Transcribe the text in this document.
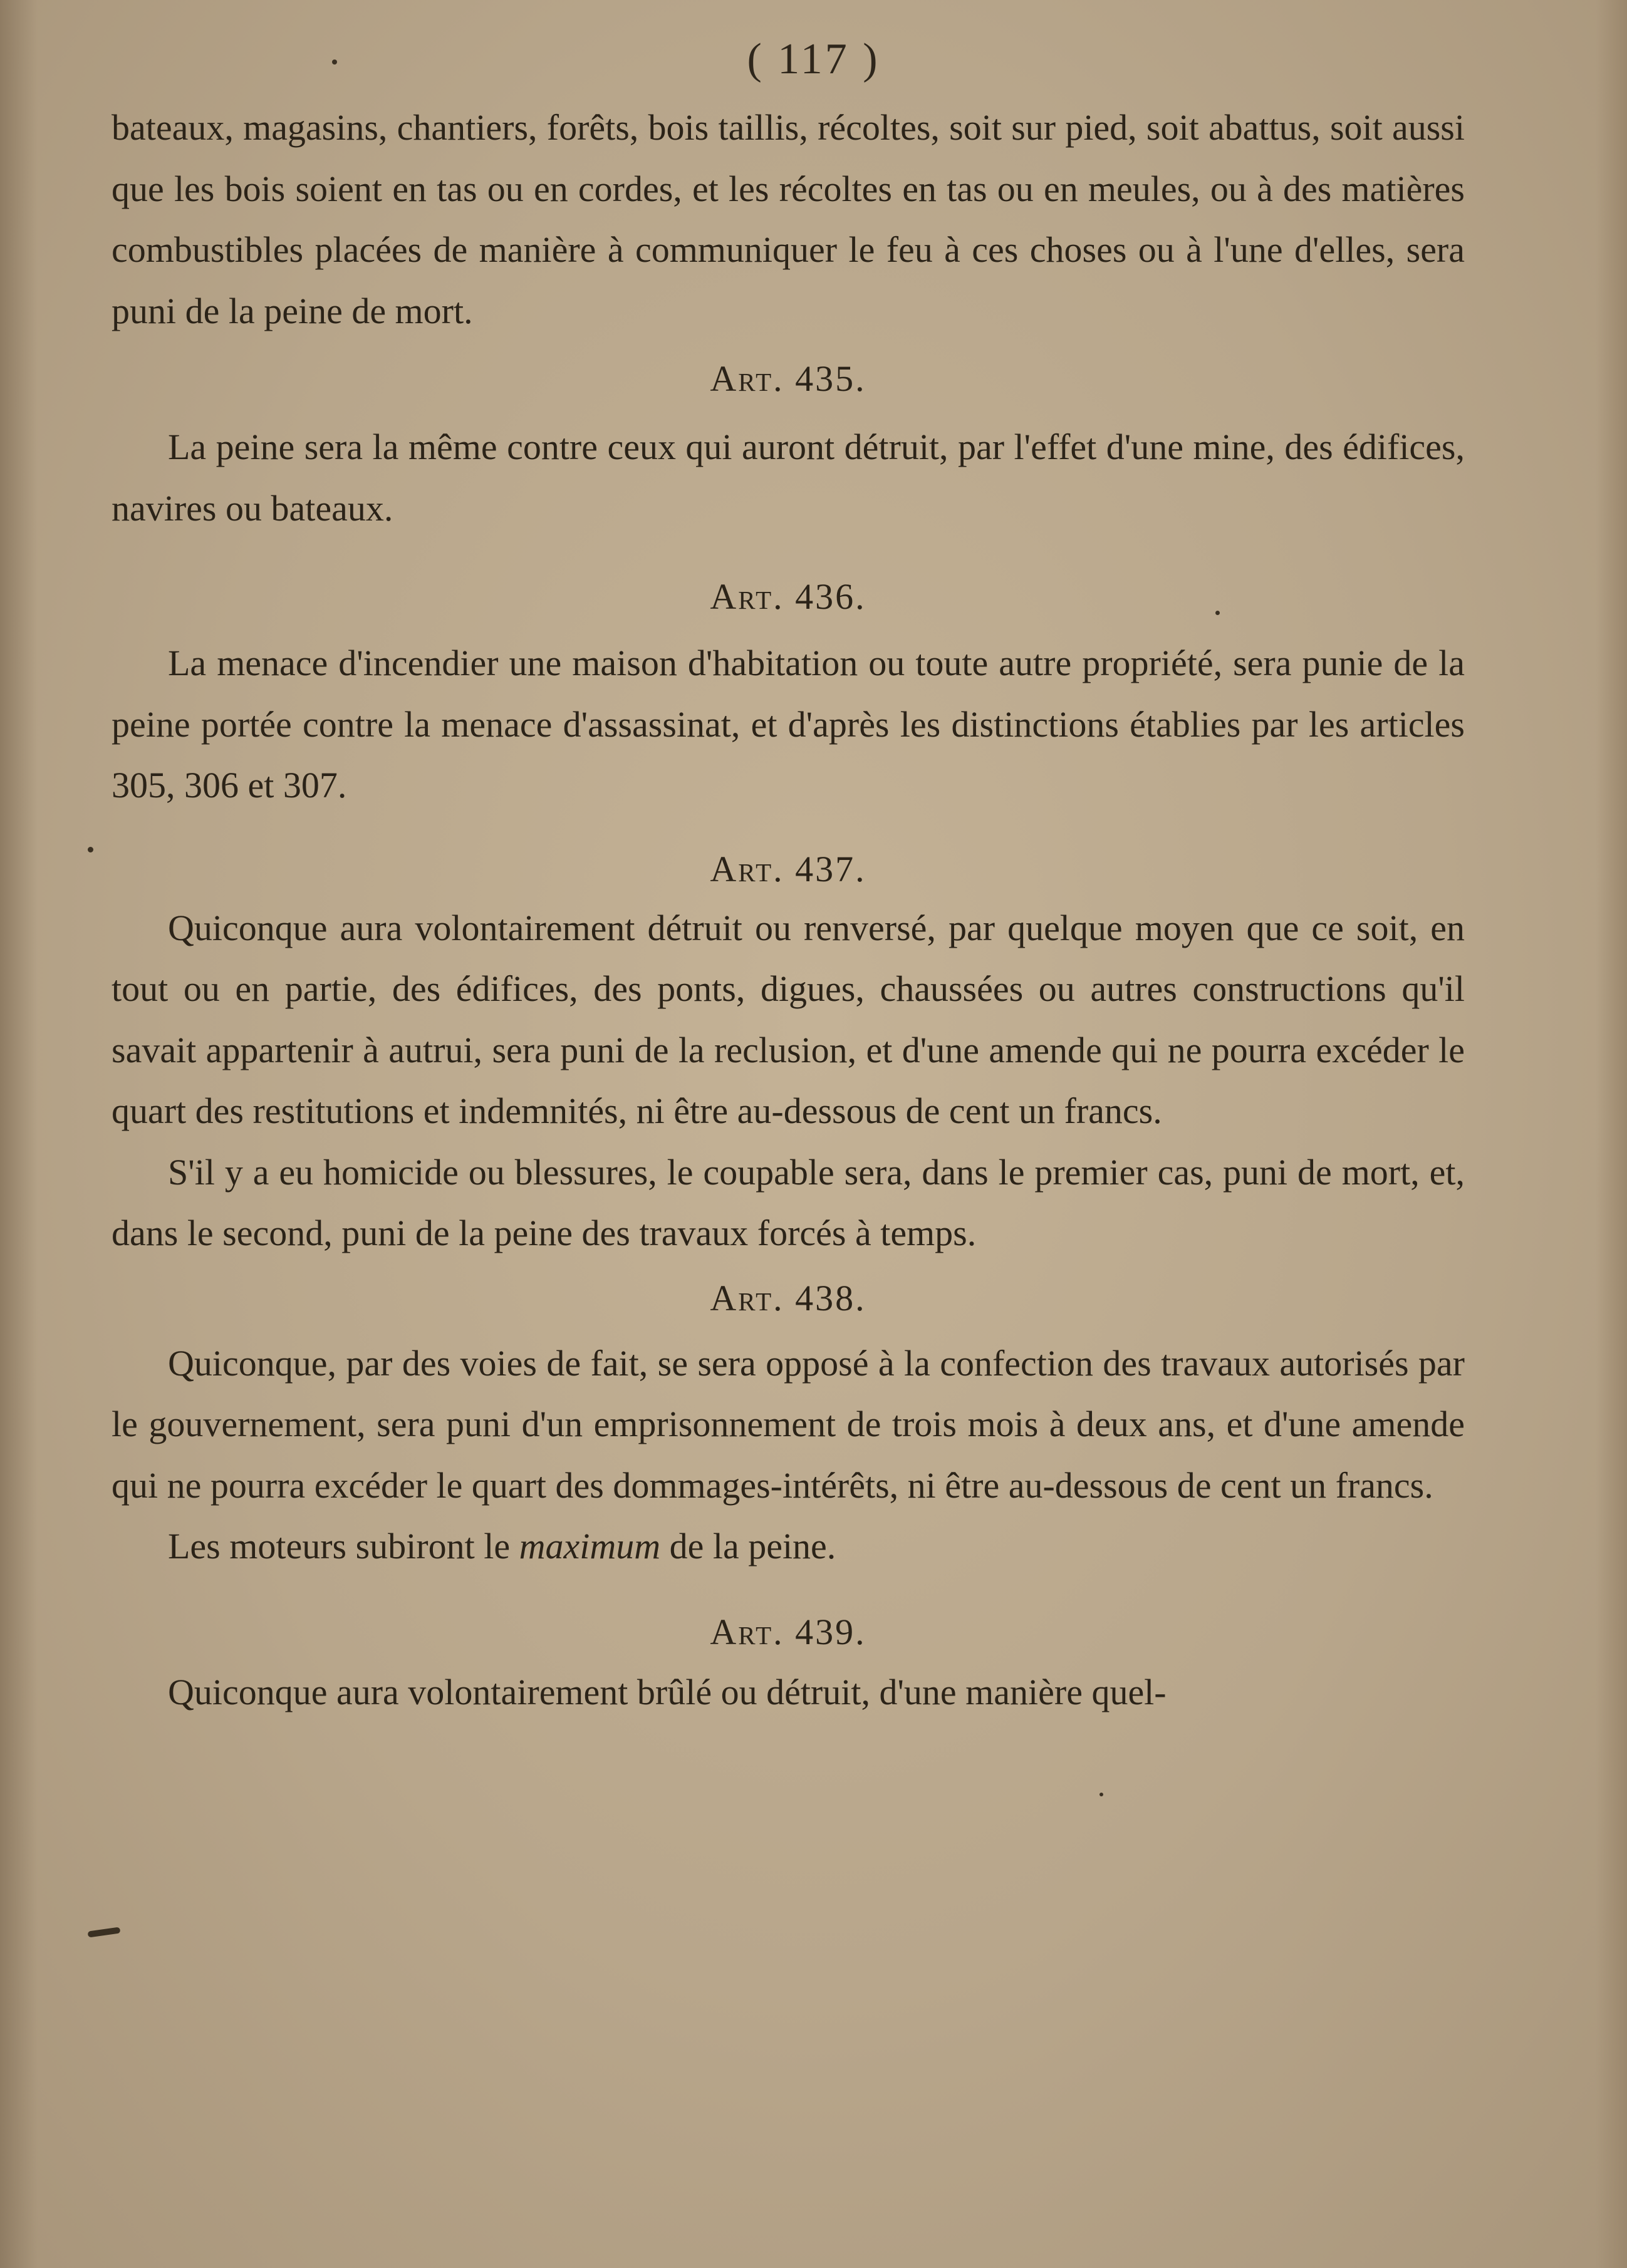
( 117 )

bateaux, magasins, chantiers, forêts, bois taillis, récoltes, soit sur pied, soit abattus, soit aussi que les bois soient en tas ou en cordes, et les récoltes en tas ou en meules, ou à des matières combustibles placées de manière à communiquer le feu à ces choses ou à l'une d'elles, sera puni de la peine de mort.

Art. 435.

La peine sera la même contre ceux qui auront détruit, par l'effet d'une mine, des édifices, navires ou bateaux.

Art. 436.

La menace d'incendier une maison d'habitation ou toute autre propriété, sera punie de la peine portée contre la menace d'assassinat, et d'après les distinctions établies par les articles 305, 306 et 307.

Art. 437.

Quiconque aura volontairement détruit ou renversé, par quelque moyen que ce soit, en tout ou en partie, des édifices, des ponts, digues, chaussées ou autres constructions qu'il savait appartenir à autrui, sera puni de la reclusion, et d'une amende qui ne pourra excéder le quart des restitutions et indemnités, ni être au-dessous de cent un francs.

S'il y a eu homicide ou blessures, le coupable sera, dans le premier cas, puni de mort, et, dans le second, puni de la peine des travaux forcés à temps.

Art. 438.

Quiconque, par des voies de fait, se sera opposé à la confection des travaux autorisés par le gouvernement, sera puni d'un emprisonnement de trois mois à deux ans, et d'une amende qui ne pourra excéder le quart des dommages-intérêts, ni être au-dessous de cent un francs.

Les moteurs subiront le maximum de la peine.

Art. 439.

Quiconque aura volontairement brûlé ou détruit, d'une manière quel-
